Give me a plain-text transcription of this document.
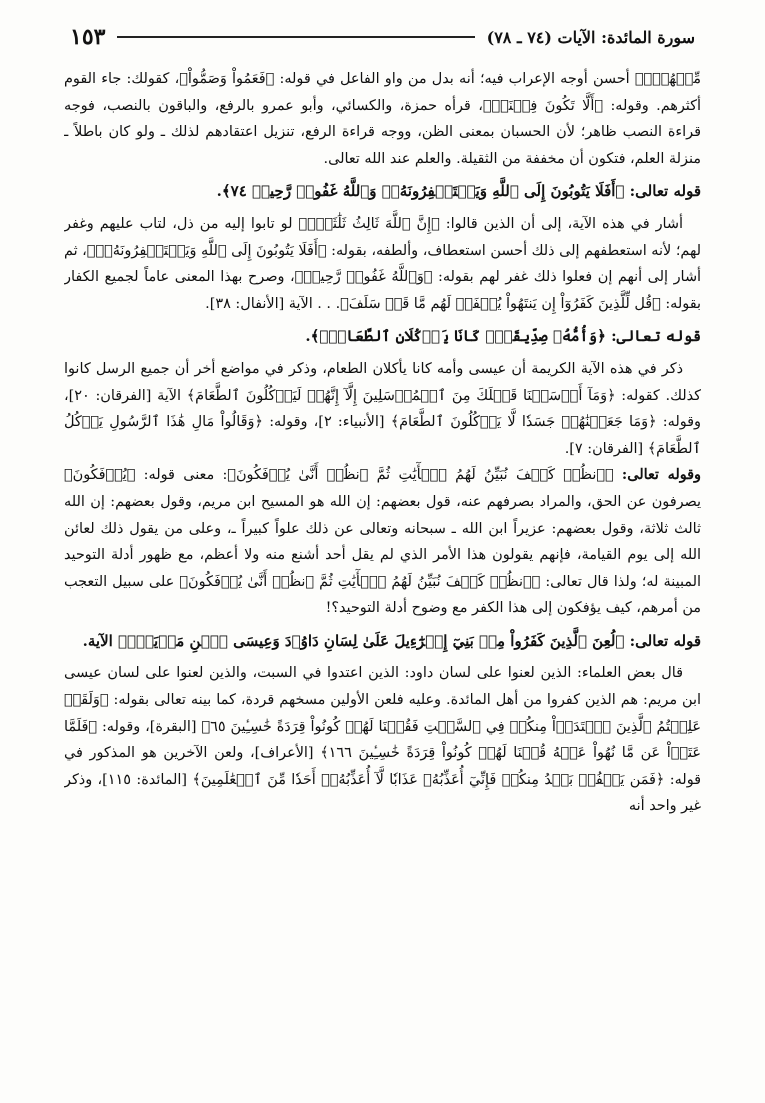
سورة المائدة: الآيات (٧٤ ـ ٧٨)
١٥٣

مِّنۡهُمۡۚ﴾ أحسن أوجه الإعراب فيه؛ أنه بدل من واو الفاعل في قوله: ﴿فَعَمُواْ وَصَمُّواْ﴾، كقولك: جاء القوم أكثرهم. وقوله: ﴿أَلَّا تَكُونَ فِتۡنَةٞ﴾، قرأه حمزة، والكسائي، وأبو عمرو بالرفع، والباقون بالنصب، فوجه قراءة النصب ظاهر؛ لأن الحسبان بمعنى الظن، ووجه قراءة الرفع، تنزيل اعتقادهم لذلك ـ ولو كان باطلاً ـ منزلة العلم، فتكون أن مخففة من الثقيلة. والعلم عند الله تعالى.

قوله تعالى: ﴿أَفَلَا يَتُوبُونَ إِلَى ٱللَّهِ وَيَسۡتَغۡفِرُونَهُۥۚ وَٱللَّهُ غَفُورٞ رَّحِيمٞ ٧٤﴾.

أشار في هذه الآية، إلى أن الذين قالوا: ﴿إِنَّ ٱللَّهَ ثَالِثُ ثَلَٰثَةٖۘ﴾ لو تابوا إليه من ذل، لتاب عليهم وغفر لهم؛ لأنه استعطفهم إلى ذلك أحسن استعطاف، وألطفه، بقوله: ﴿أَفَلَا يَتُوبُونَ إِلَى ٱللَّهِ وَيَسۡتَغۡفِرُونَهُۥۚ﴾، ثم أشار إلى أنهم إن فعلوا ذلك غفر لهم بقوله: ﴿وَٱللَّهُ غَفُورٞ رَّحِيمٞ﴾، وصرح بهذا المعنى عاماً لجميع الكفار بقوله: ﴿قُل لِّلَّذِينَ كَفَرُوٓاْ إِن يَنتَهُواْ يُغۡفَرۡ لَهُم مَّا قَدۡ سَلَفَ﴾. . . الآية [الأنفال: ٣٨].

قوله تعالى: ﴿وَأُمُّهُۥ صِدِّيقَةٞۖ كَانَا يَأۡكُلَانِ ٱلطَّعَامَۗ﴾.

ذكر في هذه الآية الكريمة أن عيسى وأمه كانا يأكلان الطعام، وذكر في مواضع أخر أن جميع الرسل كانوا كذلك. كقوله: ﴿وَمَآ أَرۡسَلۡنَا قَبۡلَكَ مِنَ ٱلۡمُرۡسَلِينَ إِلَّآ إِنَّهُمۡ لَيَأۡكُلُونَ ٱلطَّعَامَ﴾ الآية [الفرقان: ٢٠]، وقوله: ﴿وَمَا جَعَلۡنَٰهُمۡ جَسَدٗا لَّا يَأۡكُلُونَ ٱلطَّعَامَ﴾ [الأنبياء: ٢]، وقوله: ﴿وَقَالُواْ مَالِ هَٰذَا ٱلرَّسُولِ يَأۡكُلُ ٱلطَّعَامَ﴾ [الفرقان: ٧].

وقوله تعالى: ﴿ٱنظُرۡ كَيۡفَ نُبَيِّنُ لَهُمُ ٱلۡأٓيَٰتِ ثُمَّ ٱنظُرۡ أَنَّىٰ يُؤۡفَكُونَ﴾: معنى قوله: ﴿يُؤۡفَكُونَ﴾ يصرفون عن الحق، والمراد بصرفهم عنه، قول بعضهم: إن الله هو المسيح ابن مريم، وقول بعضهم: إن الله ثالث ثلاثة، وقول بعضهم: عزيراً ابن الله ـ سبحانه وتعالى عن ذلك علواً كبيراً ـ، وعلى من يقول ذلك لعائن الله إلى يوم القيامة، فإنهم يقولون هذا الأمر الذي لم يقل أحد أشنع منه ولا أعظم، مع ظهور أدلة التوحيد المبينة له؛ ولذا قال تعالى: ﴿ٱنظُرۡ كَيۡفَ نُبَيِّنُ لَهُمُ ٱلۡأٓيَٰتِ ثُمَّ ٱنظُرۡ أَنَّىٰ يُؤۡفَكُونَ﴾ على سبيل التعجب من أمرهم، كيف يؤفكون إلى هذا الكفر مع وضوح أدلة التوحيد؟!

قوله تعالى: ﴿لُعِنَ ٱلَّذِينَ كَفَرُواْ مِنۢ بَنِيٓ إِسۡرَٰٓءِيلَ عَلَىٰ لِسَانِ دَاوُۥدَ وَعِيسَى ٱبۡنِ مَرۡيَمَۚ﴾ الآية.

قال بعض العلماء: الذين لعنوا على لسان داود: الذين اعتدوا في السبت، والذين لعنوا على لسان عيسى ابن مريم: هم الذين كفروا من أهل المائدة. وعليه فلعن الأولين مسخهم قردة، كما بينه تعالى بقوله: ﴿وَلَقَدۡ عَلِمۡتُمُ ٱلَّذِينَ ٱعۡتَدَوۡاْ مِنكُمۡ فِي ٱلسَّبۡتِ فَقُلۡنَا لَهُمۡ كُونُواْ قِرَدَةً خَٰسِـِٔينَ ٦٥﴾ [البقرة]، وقوله: ﴿فَلَمَّا عَتَوۡاْ عَن مَّا نُهُواْ عَنۡهُ قُلۡنَا لَهُمۡ كُونُواْ قِرَدَةً خَٰسِـِٔينَ ١٦٦﴾ [الأعراف]، ولعن الآخرين هو المذكور في قوله: ﴿فَمَن يَكۡفُرۡ بَعۡدُ مِنكُمۡ فَإِنِّيٓ أُعَذِّبُهُۥ عَذَابٗا لَّآ أُعَذِّبُهُۥٓ أَحَدٗا مِّنَ ٱلۡعَٰلَمِينَ﴾ [المائدة: ١١٥]، وذكر غير واحد أنه
